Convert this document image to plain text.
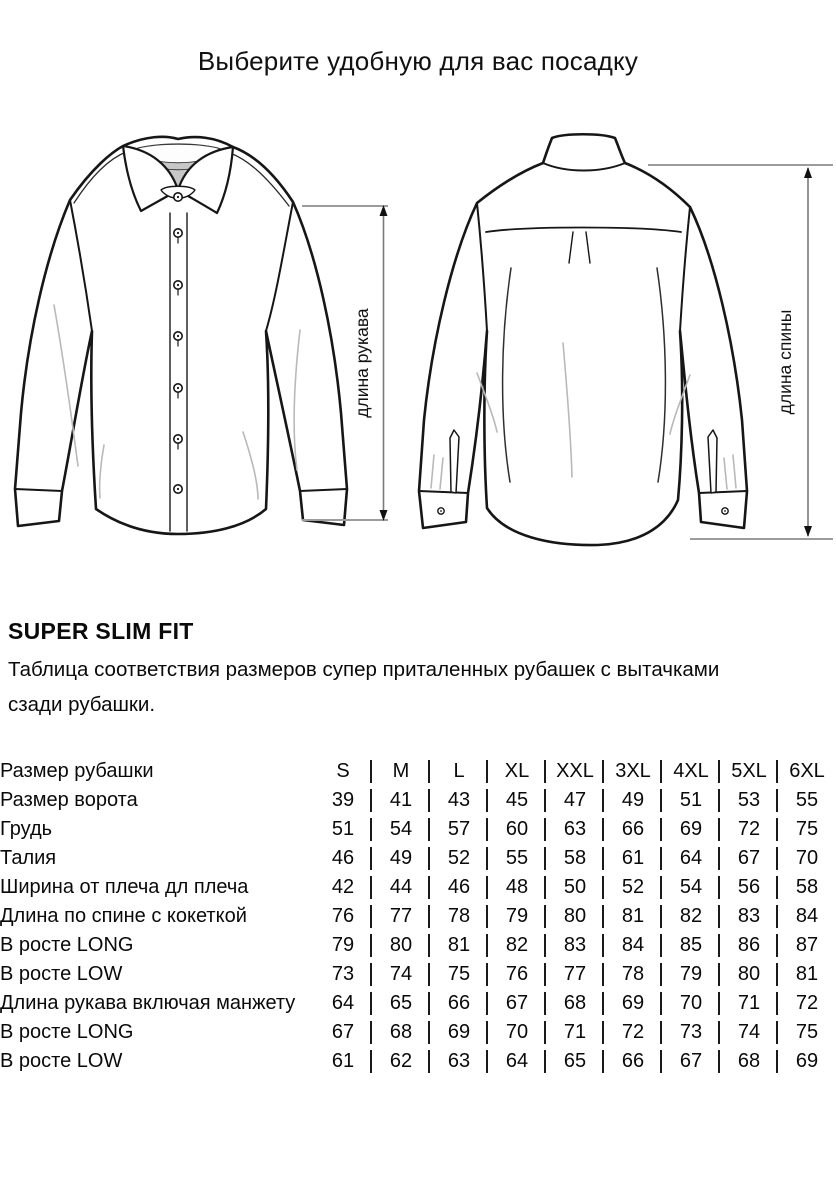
Выберите удобную для вас посадку
длина рукава	длина спины
SUPER SLIM FIT
Таблица соответствия размеров супер приталенных рубашек с вытачками сзади рубашки.
Размер рубашки	S	M	L	XL	XXL	3XL	4XL	5XL	6XL
Размер ворота	39	41	43	45	47	49	51	53	55
Грудь	51	54	57	60	63	66	69	72	75
Талия	46	49	52	55	58	61	64	67	70
Ширина от плеча дл плеча	42	44	46	48	50	52	54	56	58
Длина по спине с кокеткой	76	77	78	79	80	81	82	83	84
В росте LONG	79	80	81	82	83	84	85	86	87
В росте LOW	73	74	75	76	77	78	79	80	81
Длина рукава включая манжету	64	65	66	67	68	69	70	71	72
В росте LONG	67	68	69	70	71	72	73	74	75
В росте LOW	61	62	63	64	65	66	67	68	69
